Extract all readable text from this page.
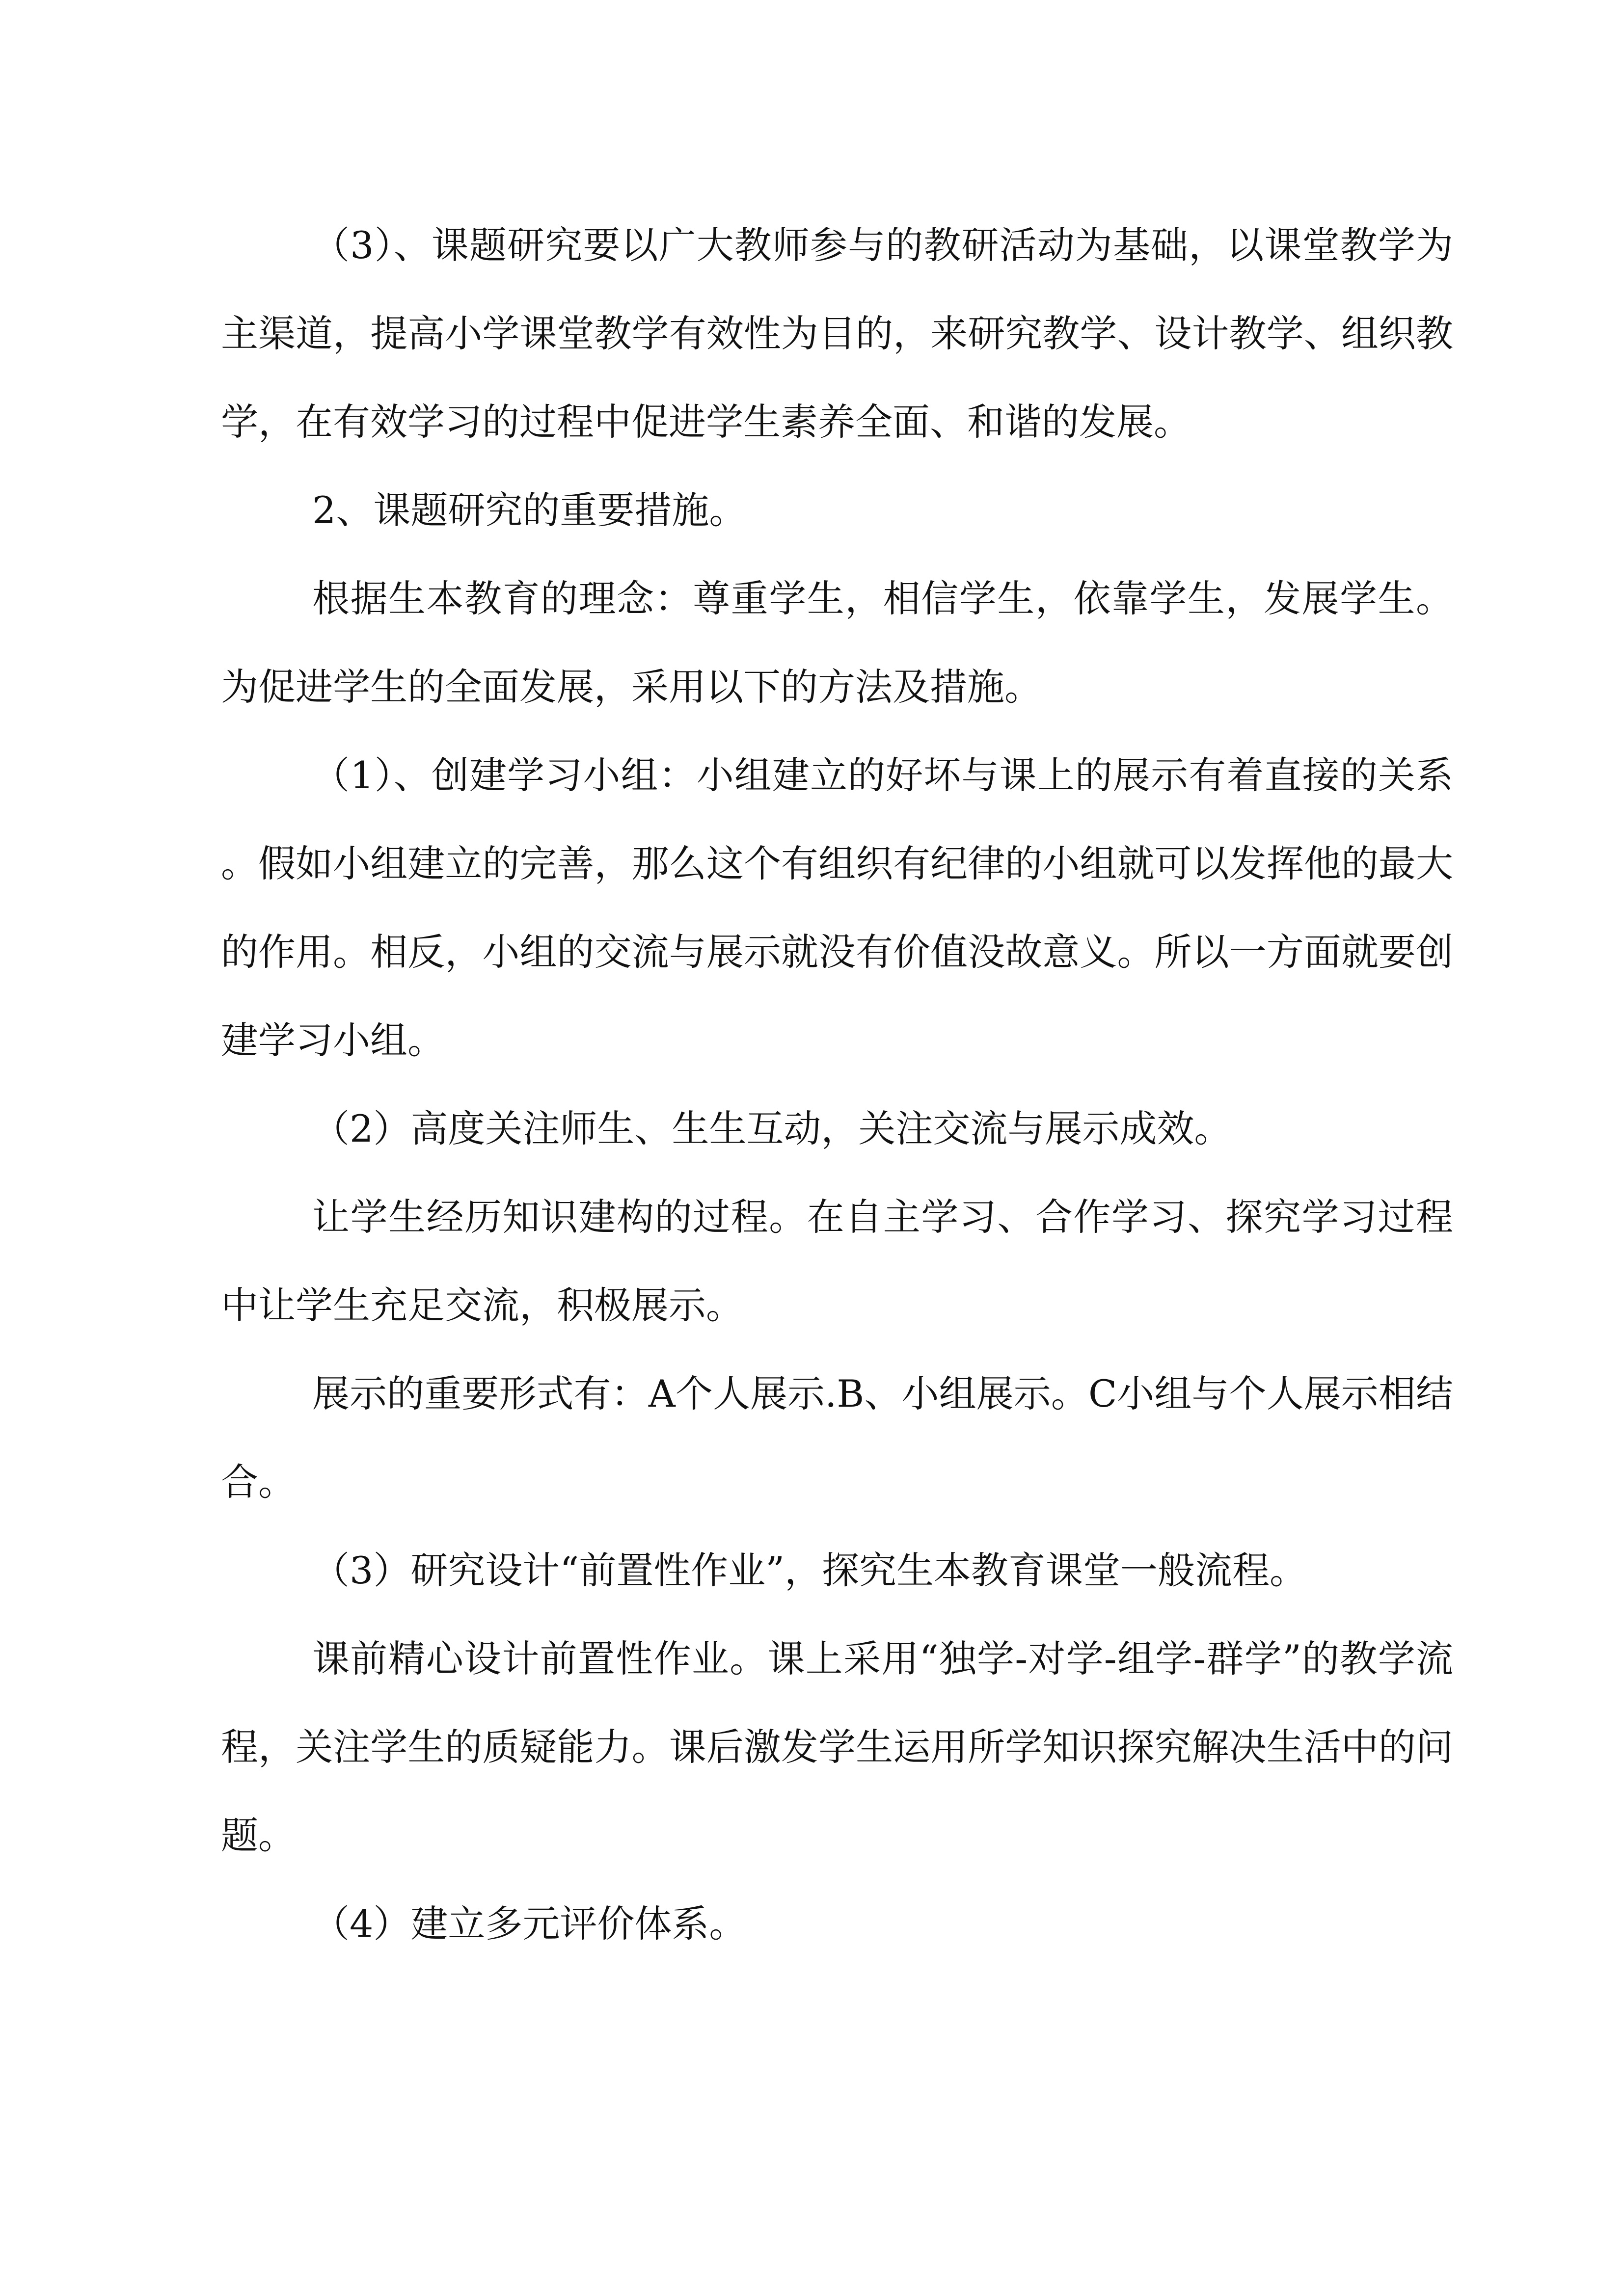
（3）、课题研究要以广大教师参与的教研活动为基础，以课堂教学为主渠道，提高小学课堂教学有效性为目的，来研究教学、设计教学、组织教学，在有效学习的过程中促进学生素养全面、和谐的发展。

2、课题研究的重要措施。

根据生本教育的理念：尊重学生，相信学生，依靠学生，发展学生。为促进学生的全面发展，采用以下的方法及措施。

（1）、创建学习小组：小组建立的好坏与课上的展示有着直接的关系。假如小组建立的完善，那么这个有组织有纪律的小组就可以发挥他的最大的作用。相反，小组的交流与展示就没有价值没故意义。所以一方面就要创建学习小组。

（2）高度关注师生、生生互动，关注交流与展示成效。

让学生经历知识建构的过程。在自主学习、合作学习、探究学习过程中让学生充足交流，积极展示。

展示的重要形式有：A个人展示.B、小组展示。C小组与个人展示相结合。

（3）研究设计“前置性作业”，探究生本教育课堂一般流程。

课前精心设计前置性作业。课上采用“独学-对学-组学-群学”的教学流程，关注学生的质疑能力。课后激发学生运用所学知识探究解决生活中的问题。

（4）建立多元评价体系。
